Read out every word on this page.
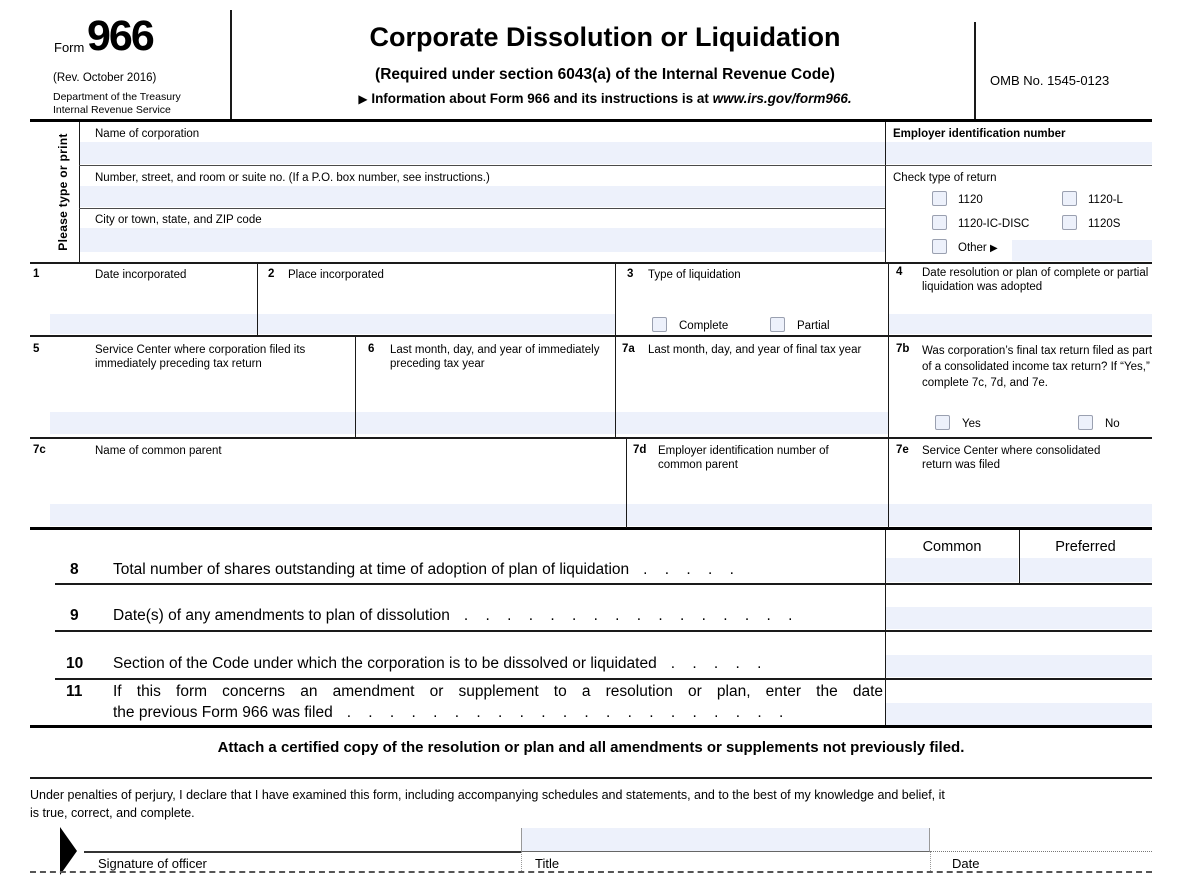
Form 966
(Rev. October 2016)
Department of the Treasury
Internal Revenue Service
Corporate Dissolution or Liquidation
(Required under section 6043(a) of the Internal Revenue Code)
▶ Information about Form 966 and its instructions is at www.irs.gov/form966.
OMB No. 1545-0123
Please type or print Name of corporation
Number, street, and room or suite no. (If a P.O. box number, see instructions.)
City or town, state, and ZIP code
Employer identification number
Check type of return
1120	1120-L
1120-IC-DISC	1120S
Other ▶
1	Date incorporated	2 Place incorporated	3 Type of liquidation	4 Date resolution or plan of complete or partial liquidation was adopted
Complete	Partial
5	Service Center where corporation filed its immediately preceding tax return
6 Last month, day, and year of immediately preceding tax year
7a Last month, day, and year of final tax year	7b Was corporation’s final tax return filed as part of a consolidated income tax return? If “Yes,” complete 7c, 7d, and 7e.
Yes	No
7c	Name of common parent	7d Employer identification number of common parent
7e Service Center where consolidated return was filed
Common	Preferred
8 Total number of shares outstanding at time of adoption of plan of liquidation . . . . .
9 Date(s) of any amendments to plan of dissolution . . . . . . . . . . . . . . . .
10 Section of the Code under which the corporation is to be dissolved or liquidated . . . . .
11 If this form concerns an amendment or supplement to a resolution or plan, enter the date
the previous Form 966 was filed . . . . . . . . . . . . . . . . . . . . .
Attach a certified copy of the resolution or plan and all amendments or supplements not previously filed.
Under penalties of perjury, I declare that I have examined this form, including accompanying schedules and statements, and to the best of my knowledge and belief, it
is true, correct, and complete.
Signature of officer	Title	Date
